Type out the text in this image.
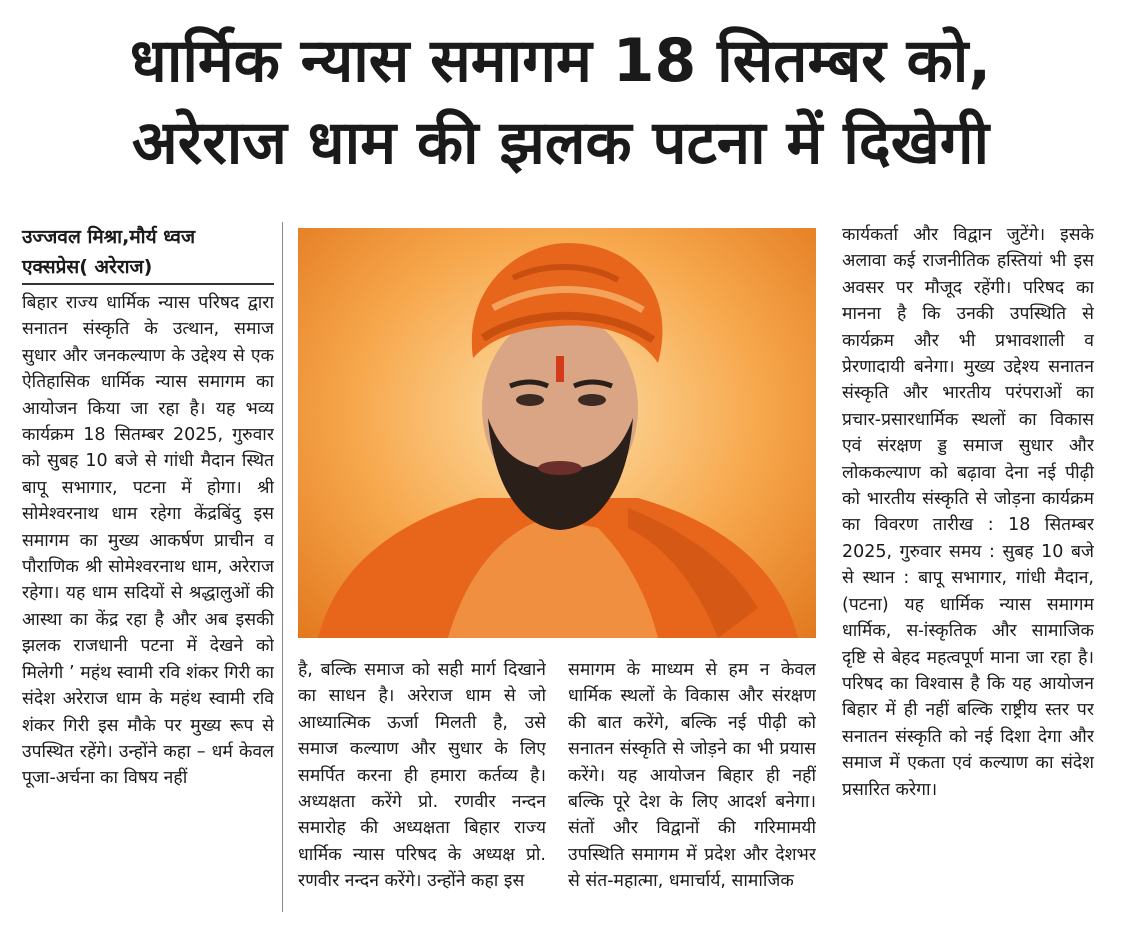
धार्मिक न्यास समागम 18 सितम्बर को,
अरेराज धाम की झलक पटना में दिखेगी
उज्जवल मिश्रा,मौर्य ध्वज
एक्सप्रेस( अरेराज)
बिहार राज्य धार्मिक न्यास परिषद द्वारा सनातन संस्कृति के उत्थान, समाज सुधार और जनकल्याण के उद्देश्य से एक ऐतिहासिक धार्मिक न्यास समागम का आयोजन किया जा रहा है। यह भव्य कार्यक्रम 18 सितम्बर 2025, गुरुवार को सुबह 10 बजे से गांधी मैदान स्थित बापू सभागार, पटना में होगा। श्री सोमेश्वरनाथ धाम रहेगा केंद्रबिंदु इस समागम का मुख्य आकर्षण प्राचीन व पौराणिक श्री सोमेश्वरनाथ धाम, अरेराज रहेगा। यह धाम सदियों से श्रद्धालुओं की आस्था का केंद्र रहा है और अब इसकी झलक राजधानी पटना में देखने को मिलेगी ’ महंथ स्वामी रवि शंकर गिरी का संदेश अरेराज धाम के महंथ स्वामी रवि शंकर गिरी इस मौके पर मुख्य रूप से उपस्थित रहेंगे। उन्होंने कहा – धर्म केवल पूजा-अर्चना का विषय नहीं
है, बल्कि समाज को सही मार्ग दिखाने का साधन है। अरेराज धाम से जो आध्यात्मिक ऊर्जा मिलती है, उसे समाज कल्याण और सुधार के लिए समर्पित करना ही हमारा कर्तव्य है। अध्यक्षता करेंगे प्रो. रणवीर नन्दन समारोह की अध्यक्षता बिहार राज्य धार्मिक न्यास परिषद के अध्यक्ष प्रो. रणवीर नन्दन करेंगे। उन्होंने कहा इस
समागम के माध्यम से हम न केवल धार्मिक स्थलों के विकास और संरक्षण की बात करेंगे, बल्कि नई पीढ़ी को सनातन संस्कृति से जोड़ने का भी प्रयास करेंगे। यह आयोजन बिहार ही नहीं बल्कि पूरे देश के लिए आदर्श बनेगा। संतों और विद्वानों की गरिमामयी उपस्थिति समागम में प्रदेश और देशभर से संत-महात्मा, धमार्चार्य, सामाजिक
कार्यकर्ता और विद्वान जुटेंगे। इसके अलावा कई राजनीतिक हस्तियां भी इस अवसर पर मौजूद रहेंगी। परिषद का मानना है कि उनकी उपस्थिति से कार्यक्रम और भी प्रभावशाली व प्रेरणादायी बनेगा। मुख्य उद्देश्य सनातन संस्कृति और भारतीय परंपराओं का प्रचार-प्रसारधार्मिक स्थलों का विकास एवं संरक्षण ड्ड समाज सुधार और लोककल्याण को बढ़ावा देना नई पीढ़ी को भारतीय संस्कृति से जोड़ना कार्यक्रम का विवरण तारीख : 18 सितम्बर 2025, गुरुवार समय : सुबह 10 बजे से स्थान : बापू सभागार, गांधी मैदान,(पटना) यह धार्मिक न्यास समागम धार्मिक, स-ांस्कृतिक और सामाजिक दृष्टि से बेहद महत्वपूर्ण माना जा रहा है। परिषद का विश्वास है कि यह आयोजन बिहार में ही नहीं बल्कि राष्ट्रीय स्तर पर सनातन संस्कृति को नई दिशा देगा और समाज में एकता एवं कल्याण का संदेश प्रसारित करेगा।
